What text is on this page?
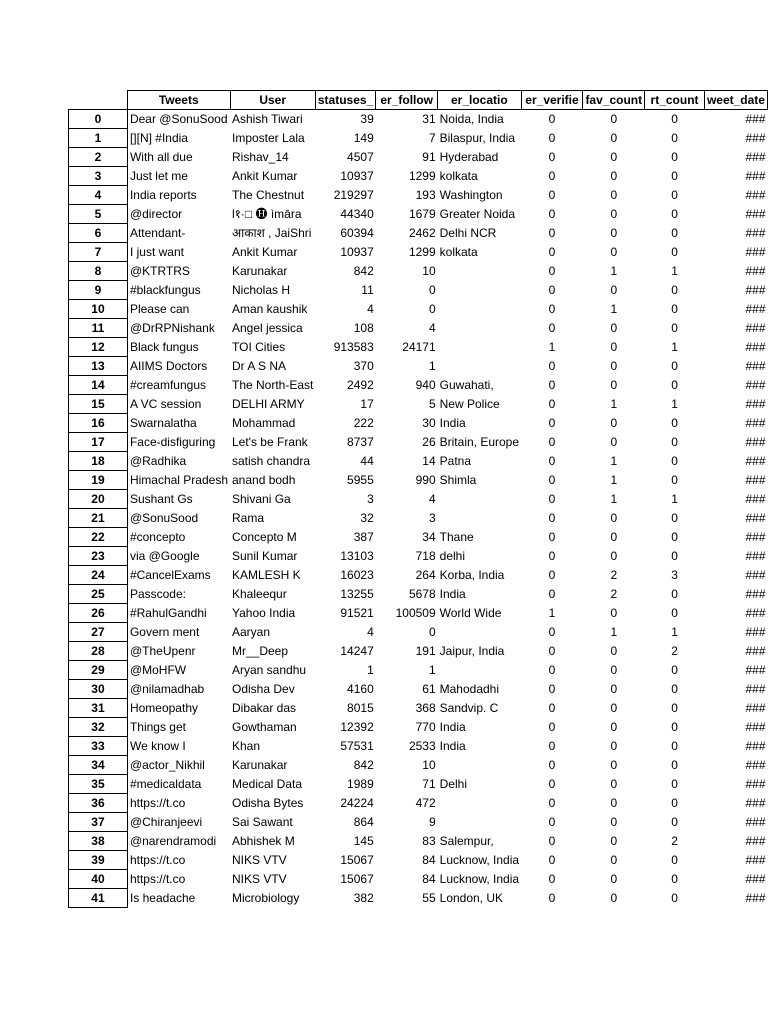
	Tweets	User	statuses_	er_follow	er_locatio	er_verifie	fav_count	rt_count	weet_date
0	Dear @SonuSood	Ashish Tiwari	39	31	Noida, India	0	0	0	###
1	[][N] #India	Imposter Lala	149	7	Bilaspur, India	0	0	0	###
2	With all due	Rishav_14	4507	91	Hyderabad	0	0	0	###
3	Just let me	Ankit Kumar	10937	1299	kolkata	0	0	0	###
4	India reports	The Chestnut	219297	193	Washington	0	0	0	###
5	@director	l१·□ 🅗 ìmāra	44340	1679	Greater Noida	0	0	0	###
6	Attendant-	आकाश , JaiShri	60394	2462	Delhi NCR	0	0	0	###
7	I just want	Ankit Kumar	10937	1299	kolkata	0	0	0	###
8	@KTRTRS	Karunakar	842	10		0	1	1	###
9	#blackfungus	Nicholas H	11	0		0	0	0	###
10	Please can	Aman kaushik	4	0		0	1	0	###
11	@DrRPNishank	Angel jessica	108	4		0	0	0	###
12	Black fungus	TOI Cities	913583	24171		1	0	1	###
13	AIIMS Doctors	Dr A S NA	370	1		0	0	0	###
14	#creamfungus	The North-East	2492	940	Guwahati,	0	0	0	###
15	A VC session	DELHI ARMY	17	5	New Police	0	1	1	###
16	Swarnalatha	Mohammad	222	30	India	0	0	0	###
17	Face-disfiguring	Let's be Frank	8737	26	Britain, Europe	0	0	0	###
18	@Radhika	satish chandra	44	14	Patna	0	1	0	###
19	Himachal Pradesh	anand bodh	5955	990	Shimla	0	1	0	###
20	Sushant Gs	Shivani Ga	3	4		0	1	1	###
21	@SonuSood	Rama	32	3		0	0	0	###
22	#concepto	Concepto M	387	34	Thane	0	0	0	###
23	via @Google	Sunil Kumar	13103	718	delhi	0	0	0	###
24	#CancelExams	KAMLESH K	16023	264	Korba, India	0	2	3	###
25	Passcode:	Khaleequr	13255	5678	India	0	2	0	###
26	#RahulGandhi	Yahoo India	91521	100509	World Wide	1	0	0	###
27	Govern ment	Aaryan	4	0		0	1	1	###
28	@TheUpenr	Mr__Deep	14247	191	Jaipur, India	0	0	2	###
29	@MoHFW	Aryan sandhu	1	1		0	0	0	###
30	@nilamadhab	Odisha Dev	4160	61	Mahodadhi	0	0	0	###
31	Homeopathy	Dibakar das	8015	368	Sandvip. C	0	0	0	###
32	Things get	Gowthaman	12392	770	India	0	0	0	###
33	We know I	Khan	57531	2533	India	0	0	0	###
34	@actor_Nikhil	Karunakar	842	10		0	0	0	###
35	#medicaldata	Medical Data	1989	71	Delhi	0	0	0	###
36	https://t.co	Odisha Bytes	24224	472		0	0	0	###
37	@Chiranjeevi	Sai Sawant	864	9		0	0	0	###
38	@narendramodi	Abhishek M	145	83	Salempur,	0	0	2	###
39	https://t.co	NIKS VTV	15067	84	Lucknow, India	0	0	0	###
40	https://t.co	NIKS VTV	15067	84	Lucknow, India	0	0	0	###
41	Is headache	Microbiology	382	55	London, UK	0	0	0	###
